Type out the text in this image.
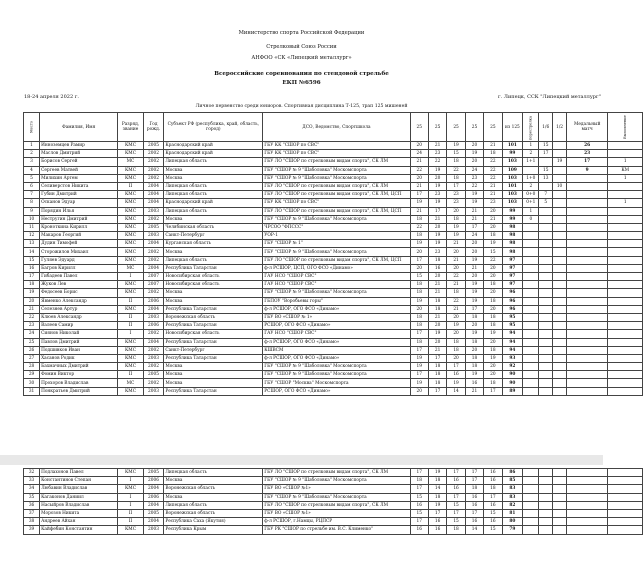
Министерство спорта Российской Федерации
Стрелковый Союз России
АНФОО «СК «Липецкий металлург»
Всероссийские соревнования по стендовой стрельбе
ЕКП №6596
18-24 апреля 2022 г.	г. Липецк, ССК "Липецкий металлург"
Личное первенство среди юниоров. Спортивная дисциплина Т-125, трап 125 мишеней
Место	Фамилия, Имя	Разряд, звание	Год рожд.	Субъект РФ (республика, край, область, город)	ДСО, Ведомство, Спортшкола	25	25	25	25	25	из 125	перестрелка	1/6	1/2	Медальный матч	Выполнение
1	Инноземцев Рамир	КМС	2005	Краснодарский край	ГБУ КК "СШОР по СВС"	20	21	19	20	21	101	1	15		26	
2	Маслов Дмитрий	КМС	2002	Краснодарский край	ГБУ КК "СШОР по СВС"	24	23	15	19	18	99	2	17		23	
3	Борисов Сергей	МС	2002	Липецкая область	ГБУ ЛО "СШОР по стрелковым видам спорта", СК ЛМ	21	22	18	20	22	103	1+1		19	17	1
4	Сергеев Матвей	КМС	2002	Москва	ГБУ "СШОР № 9 "Шаболовка" Москомспорта	22	19	22	24	22	109		15		9	КМ
5	Милихин Артем	КМС	2002	Москва	ГБУ "СШОР № 9 "Шаболовка" Москомспорта	20	20	18	23	22	103	1+0	13			1
6	Селиверстов Никита	II	2004	Липецкая область	ГБУ ЛО "СШОР по стрелковым видам спорта", СК ЛМ	21	19	17	22	21	101	2		10		
7	Губин Дмитрий	КМС	2004	Липецкая область	ГБУ ЛО "СШОР по стрелковым видам спорта", СК ЛМ, ЦСП	17	23	23	19	21	103	0+0	7			
8	Осканов Эдуар	КМС	2004	Краснодарский край	ГБУ КК "СШОР по СВС"	19	19	23	19	23	103	0+1	5			1
9	Порядин Илья	КМС	2003	Липецкая область	ГБУ ЛО "СШОР по стрелковым видам спорта", СК ЛМ, ЦСП	21	17	20	21	20	99	1				
10	Нестругин Дмитрий	КМС	2002	Москва	ГБУ "СШОР № 9 "Шаболовка" Москомспорта	18	21	18	21	21	99	0				
11	Кроноткина Кирилл	КМС	2005	Челябинская область	ЧРСОО "ФПССС"	22	20	19	17	20	98					
12	Макаров Георгий	КМС	2003	Санкт-Петербург	УОР-1	18	19	19	24	18	98					
13	Дудин Тимофей	КМС	2004	Курганская область	ГБУ "СШОР № 1"	19	19	21	20	19	98					
14	Сторожилов Михаил	КМС	2002	Москва	ГБУ "СШОР № 9 "Шаболовка" Москомспорта	20	23	20	20	15	98					
15	Гуляев Эдуард	КМС	2002	Липецкая область	ГБУ ЛО "СШОР по стрелковым видам спорта", СК ЛМ, ЦСП	17	18	21	19	22	97					
16	Багров Кирилл	МС	2004	Республика Татарстан	ф-л РСШОР, ЦСП, ОГО ФСО «Динамо»	20	16	20	21	20	97					
17	Гибадеев Павел	I	2007	Новосибирская область	ГАУ НСО "СШОР СВС"	15	20	22	20	20	97					
18	Жуков Лев	КМС	2007	Новосибирская область	ГАУ НСО "СШОР СВС"	18	21	21	19	18	97					
19	Федосеев Борис	КМС	2002	Москва	ГБУ "СШОР № 9 "Шаболовка" Москомспорта	18	21	18	19	20	96					
20	Явменко Александр	II	2006	Москва	ГБПОУ "Воробьевы горы"	19	18	22	19	18	96					
21	Селезнев Артур	КМС	2004	Республика Татарстан	ф-л РСШОР, ОГО ФСО «Динамо»	20	18	21	17	20	96					
22	Клюев Александр	II	2003	Воронежская область	ГБУ ВО «СШОР № 1»	18	21	20	18	18	95					
23	Валеев Самир	II	2006	Республика Татарстан	РСШОР, ОГО ФСО «Динамо»	18	20	19	20	18	95					
24	Сиянов Николай	I	2002	Новосибирская область	ГАУ НСО "СШОР СВС"	17	19	20	19	19	94					
25	Павлов Дмитрий	КМС	2004	Республика Татарстан	ф-л РСШОР, ОГО ФСО «Динамо»	18	20	18	18	20	94					
26	Подшивков Иван	КМС	2002	Санкт-Петербург	КШВСМ	17	21	18	20	18	94					
27	Хасанов Родик	КМС	2003	Республика Татарстан	ф-л РСШОР, ОГО ФСО «Динамо»	19	17	20	18	19	93					
28	Бахмачных Дмитрий	КМС	2002	Москва	ГБУ "СШОР № 9 "Шаболовка" Москомспорта	19	18	17	18	20	92					
29	Фомин Виктор	II	2005	Москва	ГБУ "СШОР № 9 "Шаболовка" Москомспорта	17	18	16	19	20	90					
30	Прохоров Владислав	МС	2002	Москва	ГБУ "СШОР "Москва" Москомспорта	19	18	19	16	18	90					
31	Понкратьев Дмитрий	КМС	2003	Республика Татарстан	РСШОР, ОГО ФСО «Динамо»	20	17	14	21	17	89					
32	Подлахонов Павел	КМС	2005	Липецкая область	ГБУ ЛО "СШОР по стрелковым видам спорта", СК ЛМ	17	19	17	17	16	86					
33	Константинов Степан	I	2006	Москва	ГБУ "СШОР № 9 "Шаболовка" Москомспорта	18	18	16	17	16	85					
34	Любавин Владислав	КМС	2004	Воронежская область	ГБУ ВО «СШОР №1»	17	14	16	18	18	83					
35	Кагаконов Даниил	I	2006	Москва	ГБУ "СШОР № 9 "Шаболовка" Москомспорта	15	18	17	16	17	83					
36	Насыйров Владислав	I	2004	Липецкая область	ГБУ ЛО "СШОР по стрелковым видам спорта", СК ЛМ	16	19	15	16	16	82					
37	Морозов Никита	II	2005	Воронежская область	ГБУ ВО «СШОР №1»	15	17	17	17	15	81					
38	Андреев Айхан	II	2004	Республика Саха (Якутия)	ф-л РСШОР, г.Намцы, РЦПСР	17	16	15	16	16	80					
39	Кайфебин Константин	КМС	2003	Республика Крым	ГБУ РК "СШОР по стрельбе им. В.С. Клименко"	16	16	18	14	15	79					
